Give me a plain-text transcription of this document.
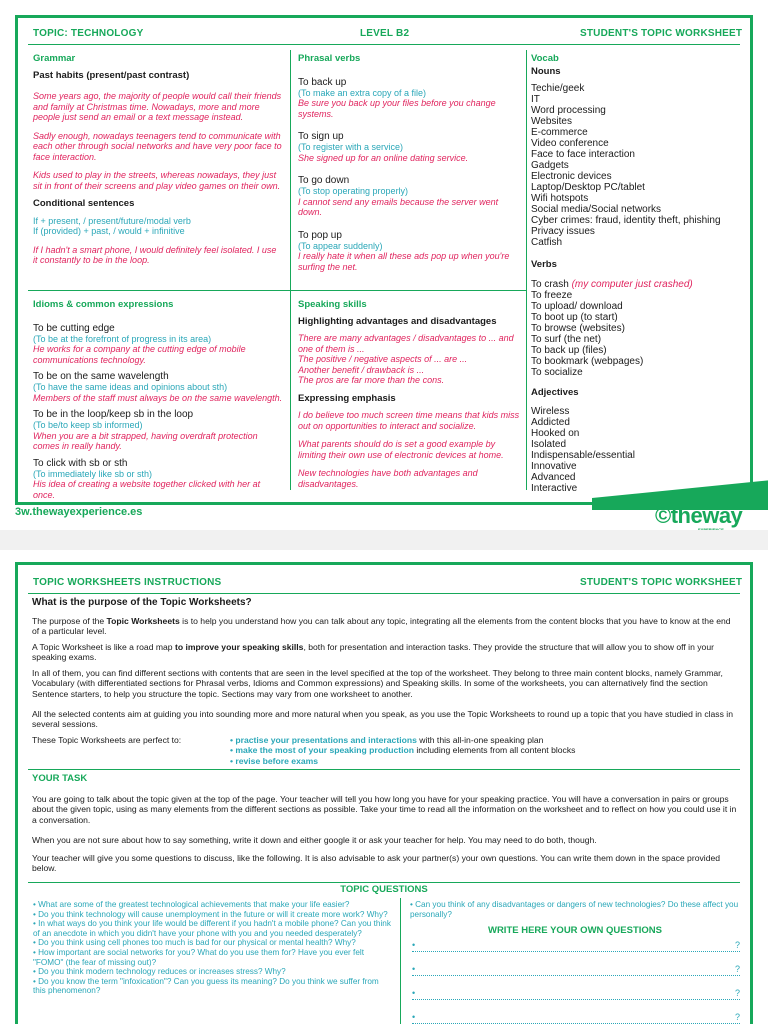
TOPIC: TECHNOLOGY	LEVEL B2	STUDENT'S TOPIC WORKSHEET
Grammar
Past habits (present/past contrast)
Some years ago, the majority of people would call their friends and family at Christmas time. Nowadays, more and more people just send an email or a text message instead.
Sadly enough, nowadays teenagers tend to communicate with each other through social networks and have very poor face to face interaction.
Kids used to play in the streets, whereas nowadays, they just sit in front of their screens and play video games on their own.
Conditional sentences
If + present, / present/future/modal verb
If (provided) + past, / would + infinitive
If I hadn't a smart phone, I would definitely feel isolated. I use it constantly to be in the loop.
Phrasal verbs
To back up
(To make an extra copy of a file)
Be sure you back up your files before you change systems.
To sign up
(To register with a service)
She signed up for an online dating service.
To go down
(To stop operating properly)
I cannot send any emails because the server went down.
To pop up
(To appear suddenly)
I really hate it when all these ads pop up when you're surfing the net.
Vocab
Nouns
Techie/geek
IT
Word processing
Websites
E-commerce
Video conference
Face to face interaction
Gadgets
Electronic devices
Laptop/Desktop PC/tablet
Wifi hotspots
Social media/Social networks
Cyber crimes: fraud, identity theft, phishing
Privacy issues
Catfish
Verbs
To crash (my computer just crashed)
To freeze
To upload/ download
To boot up (to start)
To browse (websites)
To surf (the net)
To back up (files)
To bookmark (webpages)
To socialize
Adjectives
Wireless
Addicted
Hooked on
Isolated
Indispensable/essential
Innovative
Advanced
Interactive
Idioms & common expressions
To be cutting edge
(To be at the forefront of progress in its area)
He works for a company at the cutting edge of mobile communications technology.
To be on the same wavelength
(To have the same ideas and opinions about sth)
Members of the staff must always be on the same wavelength.
To be in the loop/keep sb in the loop
(To be/to keep sb informed)
When you are a bit strapped, having overdraft protection comes in really handy.
To click with sb or sth
(To immediately like sb or sth)
His idea of creating a website together clicked with her at once.
Speaking skills
Highlighting advantages and disadvantages
There are many advantages / disadvantages to ... and one of them is ...
The positive / negative aspects of ... are ...
Another benefit / drawback is ...
The pros are far more than the cons.
Expressing emphasis
I do believe too much screen time means that kids miss out on opportunities to interact and socialize.
What parents should do is set a good example by limiting their own use of electronic devices at home.
New technologies have both advantages and disadvantages.
3w.thewayexperience.es	©theway
TOPIC WORKSHEETS INSTRUCTIONS	STUDENT'S TOPIC WORKSHEET
What is the purpose of the Topic Worksheets?
The purpose of the Topic Worksheets is to help you understand how you can talk about any topic, integrating all the elements from the content blocks that you have to know at the end of a particular level.
A Topic Worksheet is like a road map to improve your speaking skills, both for presentation and interaction tasks. They provide the structure that will allow you to show off in your speaking exams.
In all of them, you can find different sections with contents that are seen in the level specified at the top of the worksheet. They belong to three main content blocks, namely Grammar, Vocabulary (with differentiated sections for Phrasal verbs, Idioms and Common expressions) and Speaking skills. In some of the worksheets, you can alternatively find the section Sentence starters, to help you structure the topic. Sections may vary from one worksheet to another.
All the selected contents aim at guiding you into sounding more and more natural when you speak, as you use the Topic Worksheets to round up a topic that you have studied in class in several sessions.
These Topic Worksheets are perfect to:	• practise your presentations and interactions with this all-in-one speaking plan
• make the most of your speaking production including elements from all content blocks
• revise before exams
YOUR TASK
You are going to talk about the topic given at the top of the page. Your teacher will tell you how long you have for your speaking practice. You will have a conversation in pairs or groups about the given topic, using as many elements from the different sections as possible. Take your time to read all the information on the worksheet and to reflect on how you could use it in a conversation.
When you are not sure about how to say something, write it down and either google it or ask your teacher for help. You may need to do both, though.
Your teacher will give you some questions to discuss, like the following. It is also advisable to ask your partner(s) your own questions. You can write them down in the space provided below.
TOPIC QUESTIONS
• What are some of the greatest technological achievements that make your life easier?
• Do you think technology will cause unemployment in the future or will it create more work? Why?
• In what ways do you think your life would be different if you hadn't a mobile phone? Can you think of an anecdote in which you didn't have your phone with you and you needed desperately?
• Do you think using cell phones too much is bad for our physical or mental health? Why?
• How important are social networks for you? What do you use them for? Have you ever felt "FOMO" (the fear of missing out)?
• Do you think modern technology reduces or increases stress? Why?
• Do you know the term "infoxication"? Can you guess its meaning? Do you think we suffer from this phenomenon?
• Can you think of any disadvantages or dangers of new technologies? Do these affect you personally?
WRITE HERE YOUR OWN QUESTIONS
•	?
•	?
•	?
•	?
